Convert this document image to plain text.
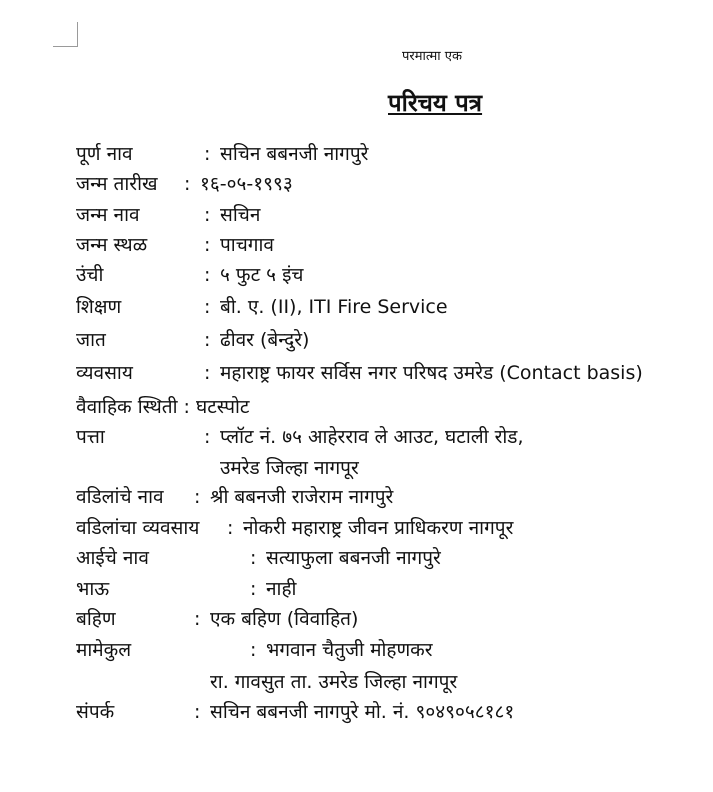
परमात्मा एक
परिचय पत्र
पूर्ण नाव	: सचिन बबनजी नागपुरे
जन्म तारीख : १६-०५-१९९३
जन्म नाव	: सचिन
जन्म स्थळ	: पाचगाव
उंची	: ५ फुट ५ इंच
शिक्षण	: बी. ए. (II), ITI Fire Service
जात	: ढीवर (बेन्दुरे)
व्यवसाय	: महाराष्ट्र फायर सर्विस नगर परिषद उमरेड (Contact basis)
वैवाहिक स्थिती : घटस्पोट
पत्ता	: प्लॉट नं. ७५ आहेरराव ले आउट, घटाली रोड,
उमरेड जिल्हा नागपूर
वडिलांचे नाव : श्री बबनजी राजेराम नागपुरे
वडिलांचा व्यवसाय : नोकरी महाराष्ट्र जीवन प्राधिकरण नागपूर
आईचे नाव	: सत्याफुला बबनजी नागपुरे
भाऊ	: नाही
बहिण	: एक बहिण (विवाहित)
मामेकुल	: भगवान चैतुजी मोहणकर
रा. गावसुत ता. उमरेड जिल्हा नागपूर
संपर्क	: सचिन बबनजी नागपुरे मो. नं. ९०४९०५८१८१
